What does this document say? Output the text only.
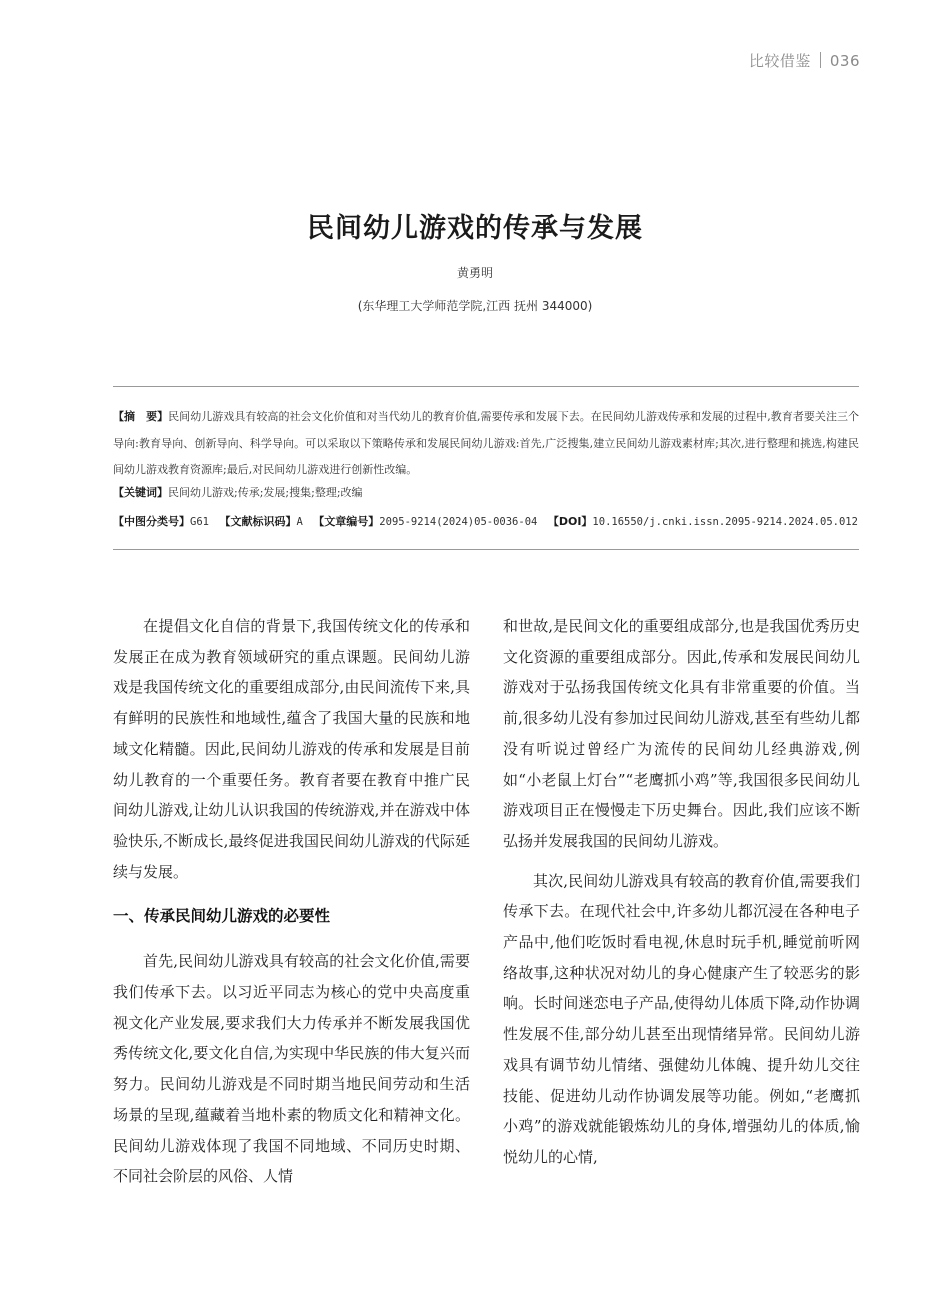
比较借鉴 036
民间幼儿游戏的传承与发展
黄勇明
(东华理工大学师范学院,江西 抚州 344000)
【摘　要】民间幼儿游戏具有较高的社会文化价值和对当代幼儿的教育价值,需要传承和发展下去。在民间幼儿游戏传承和发展的过程中,教育者要关注三个导向:教育导向、创新导向、科学导向。可以采取以下策略传承和发展民间幼儿游戏:首先,广泛搜集,建立民间幼儿游戏素材库;其次,进行整理和挑选,构建民间幼儿游戏教育资源库;最后,对民间幼儿游戏进行创新性改编。
【关键词】民间幼儿游戏;传承;发展;搜集;整理;改编
【中图分类号】G61 【文献标识码】A 【文章编号】2095-9214(2024)05-0036-04 【DOI】10.16550/j.cnki.issn.2095-9214.2024.05.012

在提倡文化自信的背景下,我国传统文化的传承和发展正在成为教育领域研究的重点课题。民间幼儿游戏是我国传统文化的重要组成部分,由民间流传下来,具有鲜明的民族性和地域性,蕴含了我国大量的民族和地域文化精髓。因此,民间幼儿游戏的传承和发展是目前幼儿教育的一个重要任务。教育者要在教育中推广民间幼儿游戏,让幼儿认识我国的传统游戏,并在游戏中体验快乐,不断成长,最终促进我国民间幼儿游戏的代际延续与发展。

一、传承民间幼儿游戏的必要性

首先,民间幼儿游戏具有较高的社会文化价值,需要我们传承下去。以习近平同志为核心的党中央高度重视文化产业发展,要求我们大力传承并不断发展我国优秀传统文化,要文化自信,为实现中华民族的伟大复兴而努力。民间幼儿游戏是不同时期当地民间劳动和生活场景的呈现,蕴藏着当地朴素的物质文化和精神文化。民间幼儿游戏体现了我国不同地域、不同历史时期、不同社会阶层的风俗、人情

和世故,是民间文化的重要组成部分,也是我国优秀历史文化资源的重要组成部分。因此,传承和发展民间幼儿游戏对于弘扬我国传统文化具有非常重要的价值。当前,很多幼儿没有参加过民间幼儿游戏,甚至有些幼儿都没有听说过曾经广为流传的民间幼儿经典游戏,例如“小老鼠上灯台”“老鹰抓小鸡”等,我国很多民间幼儿游戏项目正在慢慢走下历史舞台。因此,我们应该不断弘扬并发展我国的民间幼儿游戏。

其次,民间幼儿游戏具有较高的教育价值,需要我们传承下去。在现代社会中,许多幼儿都沉浸在各种电子产品中,他们吃饭时看电视,休息时玩手机,睡觉前听网络故事,这种状况对幼儿的身心健康产生了较恶劣的影响。长时间迷恋电子产品,使得幼儿体质下降,动作协调性发展不佳,部分幼儿甚至出现情绪异常。民间幼儿游戏具有调节幼儿情绪、强健幼儿体魄、提升幼儿交往技能、促进幼儿动作协调发展等功能。例如,“老鹰抓小鸡”的游戏就能锻炼幼儿的身体,增强幼儿的体质,愉悦幼儿的心情,
